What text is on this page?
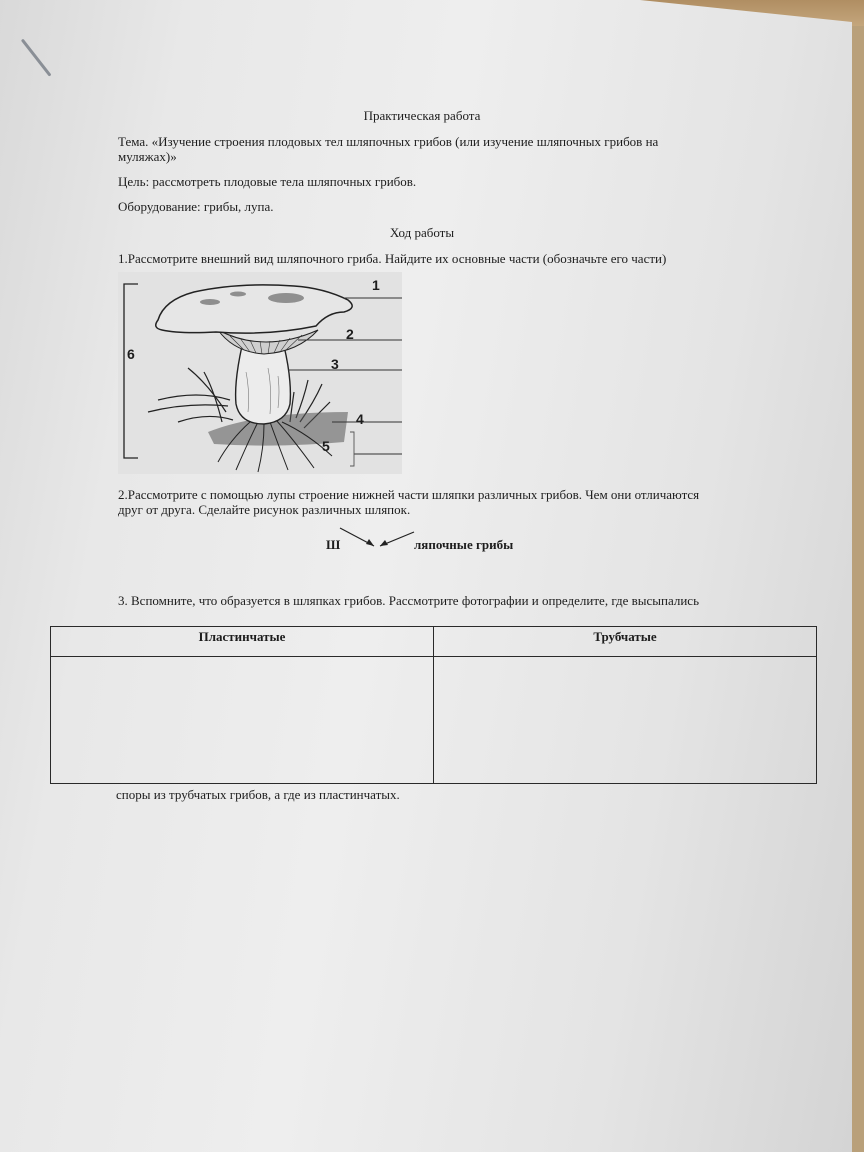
Практическая работа
Тема. «Изучение строения плодовых тел шляпочных грибов (или изучение шляпочных грибов на
муляжах)»
Цель: рассмотреть плодовые тела шляпочных грибов.
Оборудование: грибы, лупа.
Ход работы
1.Рассмотрите внешний вид шляпочного гриба. Найдите их основные части (обозначьте его части)
1
2
3
4
5
6
2.Рассмотрите с помощью лупы строение нижней части шляпки различных грибов. Чем они отличаются
друг от друга. Сделайте рисунок различных шляпок.
Ш	ляпочные грибы
3. Вспомните, что образуется в шляпках грибов. Рассмотрите фотографии и определите, где высыпались
Пластинчатые	Трубчатые

споры из трубчатых грибов, а где из пластинчатых.
